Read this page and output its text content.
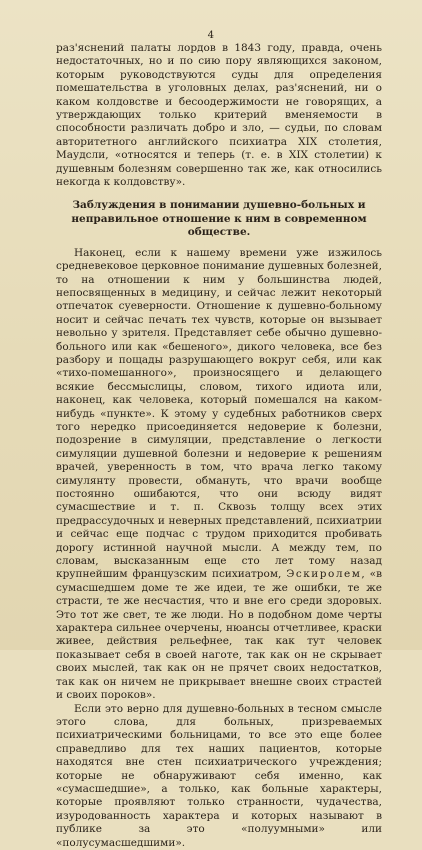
4

раз'яснений палаты лордов в 1843 году, правда, очень недостаточных, но и по сию пору являющихся законом, которым руководствуются суды для определения помешательства в уголовных делах, раз'яснений, ни о каком колдовстве и бесоодержимости не говорящих, а утверждающих только критерий вменяемости в способности различать добро и зло, — судьи, по словам авторитетного английского психиатра XIX столетия, Маудсли, «относятся и теперь (т. е. в XIX столетии) к душевным болезням совершенно так же, как относились некогда к колдовству».

Заблуждения в понимании душевно-больных и неправильное отношение к ним в современном обществе.

Наконец, если к нашему времени уже изжилось средневековое церковное понимание душевных болезней, то на отношении к ним у большинства людей, непосвященных в медицину, и сейчас лежит некоторый отпечаток суеверности. Отношение к душевно-больному носит и сейчас печать тех чувств, которые он вызывает невольно у зрителя. Представляет себе обычно душевно-больного или как «бешеного», дикого человека, все без разбору и пощады разрушающего вокруг себя, или как «тихо-помешанного», произносящего и делающего всякие бессмыслицы, словом, тихого идиота или, наконец, как человека, который помешался на каком-нибудь «пункте». К этому у судебных работников сверх того нередко присоединяется недоверие к болезни, подозрение в симуляции, представление о легкости симуляции душевной болезни и недоверие к решениям врачей, уверенность в том, что врача легко такому симулянту провести, обмануть, что врачи вообще постоянно ошибаются, что они всюду видят сумасшествие и т. п. Сквозь толщу всех этих предрассудочных и неверных представлений, психиатрии и сейчас еще подчас с трудом приходится пробивать дорогу истинной научной мысли. А между тем, по словам, высказанным еще сто лет тому назад крупнейшим французским психиатром, Эскиролем, «в сумасшедшем доме те же идеи, те же ошибки, те же страсти, те же несчастия, что и вне его среди здоровых. Это тот же свет, те же люди. Но в подобном доме черты характера сильнее очерчены, нюансы отчетливее, краски живее, действия рельефнее, так как тут человек показывает себя в своей наготе, так как он не скрывает своих мыслей, так как он не прячет своих недостатков, так как он ничем не прикрывает внешне своих страстей и своих пороков».

Если это верно для душевно-больных в тесном смысле этого слова, для больных, призреваемых психиатрическими больницами, то все это еще более справедливо для тех наших пациентов, которые находятся вне стен психиатрического учреждения; которые не обнаруживают себя именно, как «сумасшедшие», а только, как больные характеры, которые проявляют только странности, чудачества, изуродованность характера и которых называют в публике за это «полуумными» или «полусумасшедшими».
